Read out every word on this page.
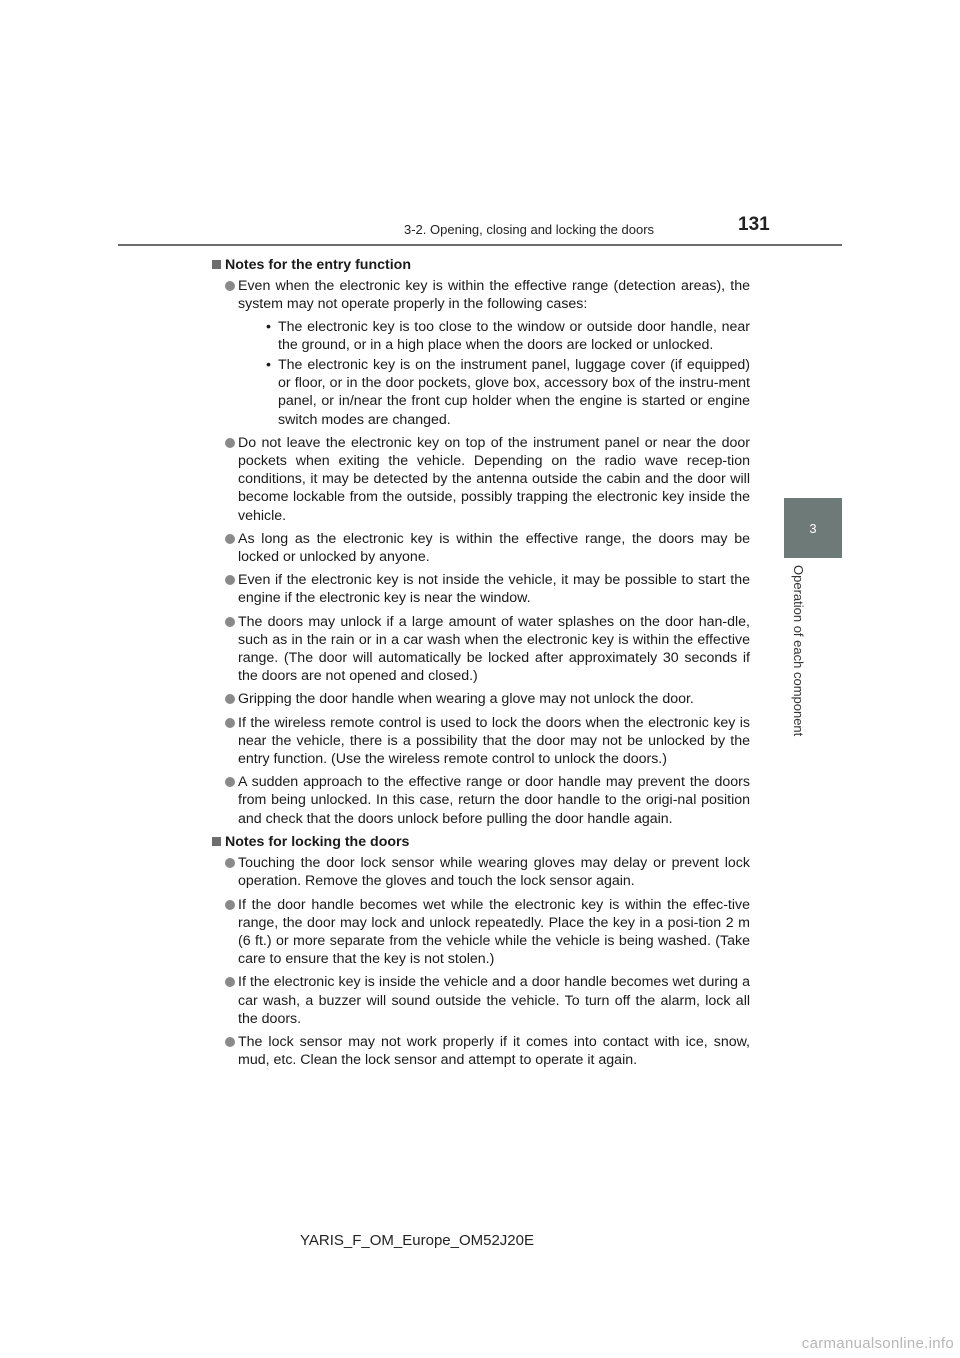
3-2. Opening, closing and locking the doors	131
3
Operation of each component
Notes for the entry function
Even when the electronic key is within the effective range (detection areas), the system may not operate properly in the following cases:
• The electronic key is too close to the window or outside door handle, near the ground, or in a high place when the doors are locked or unlocked.
• The electronic key is on the instrument panel, luggage cover (if equipped) or floor, or in the door pockets, glove box, accessory box of the instru-ment panel, or in/near the front cup holder when the engine is started or engine switch modes are changed.
Do not leave the electronic key on top of the instrument panel or near the door pockets when exiting the vehicle. Depending on the radio wave recep-tion conditions, it may be detected by the antenna outside the cabin and the door will become lockable from the outside, possibly trapping the electronic key inside the vehicle.
As long as the electronic key is within the effective range, the doors may be locked or unlocked by anyone.
Even if the electronic key is not inside the vehicle, it may be possible to start the engine if the electronic key is near the window.
The doors may unlock if a large amount of water splashes on the door han-dle, such as in the rain or in a car wash when the electronic key is within the effective range. (The door will automatically be locked after approximately 30 seconds if the doors are not opened and closed.)
Gripping the door handle when wearing a glove may not unlock the door.
If the wireless remote control is used to lock the doors when the electronic key is near the vehicle, there is a possibility that the door may not be unlocked by the entry function. (Use the wireless remote control to unlock the doors.)
A sudden approach to the effective range or door handle may prevent the doors from being unlocked. In this case, return the door handle to the origi-nal position and check that the doors unlock before pulling the door handle again.
Notes for locking the doors
Touching the door lock sensor while wearing gloves may delay or prevent lock operation. Remove the gloves and touch the lock sensor again.
If the door handle becomes wet while the electronic key is within the effec-tive range, the door may lock and unlock repeatedly. Place the key in a posi-tion 2 m (6 ft.) or more separate from the vehicle while the vehicle is being washed. (Take care to ensure that the key is not stolen.)
If the electronic key is inside the vehicle and a door handle becomes wet during a car wash, a buzzer will sound outside the vehicle. To turn off the alarm, lock all the doors.
The lock sensor may not work properly if it comes into contact with ice, snow, mud, etc. Clean the lock sensor and attempt to operate it again.
YARIS_F_OM_Europe_OM52J20E
carmanualsonline.info
